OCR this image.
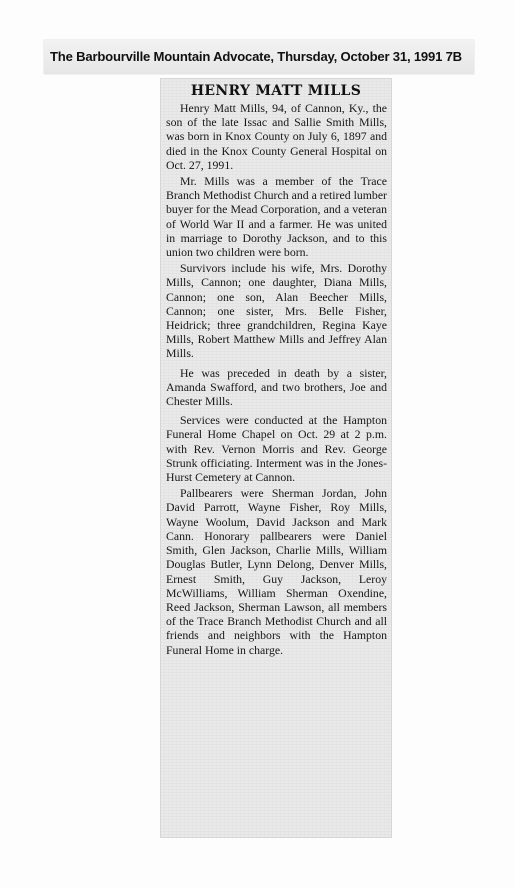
The Barbourville Mountain Advocate, Thursday, October 31, 1991 7B
HENRY MATT MILLS

Henry Matt Mills, 94, of Cannon, Ky., the son of the late Issac and Sallie Smith Mills, was born in Knox County on July 6, 1897 and died in the Knox County General Hospital on Oct. 27, 1991.

Mr. Mills was a member of the Trace Branch Methodist Church and a retired lumber buyer for the Mead Corporation, and a veteran of World War II and a farmer. He was united in marriage to Dorothy Jackson, and to this union two children were born.

Survivors include his wife, Mrs. Dorothy Mills, Cannon; one daughter, Diana Mills, Cannon; one son, Alan Beecher Mills, Cannon; one sister, Mrs. Belle Fisher, Heidrick; three grandchildren, Regina Kaye Mills, Robert Matthew Mills and Jeffrey Alan Mills.

He was preceded in death by a sister, Amanda Swafford, and two brothers, Joe and Chester Mills.

Services were conducted at the Hampton Funeral Home Chapel on Oct. 29 at 2 p.m. with Rev. Vernon Morris and Rev. George Strunk officiating. Interment was in the Jones-Hurst Cemetery at Cannon.

Pallbearers were Sherman Jordan, John David Parrott, Wayne Fisher, Roy Mills, Wayne Woolum, David Jackson and Mark Cann. Honorary pallbearers were Daniel Smith, Glen Jackson, Charlie Mills, William Douglas Butler, Lynn Delong, Denver Mills, Ernest Smith, Guy Jackson, Leroy McWilliams, William Sherman Oxendine, Reed Jackson, Sherman Lawson, all members of the Trace Branch Methodist Church and all friends and neighbors with the Hampton Funeral Home in charge.
